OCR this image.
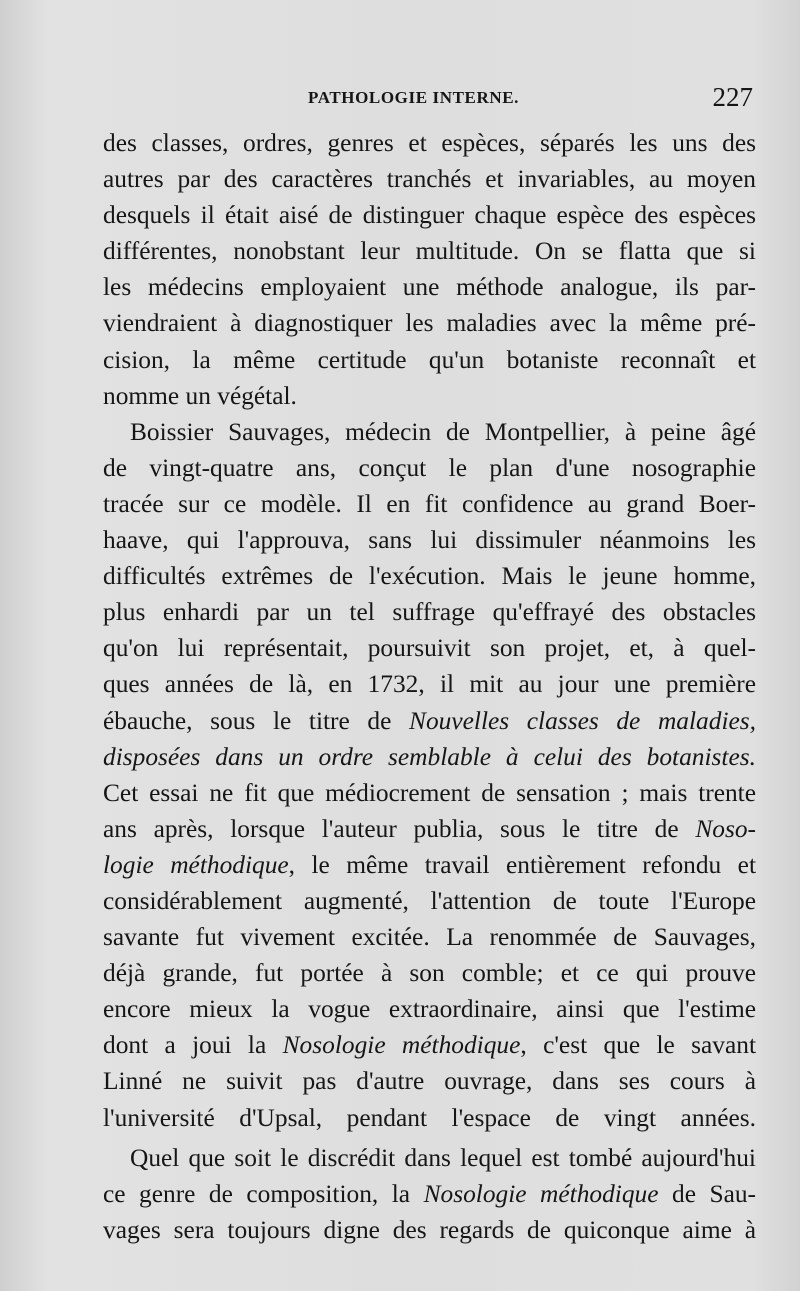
PATHOLOGIE INTERNE.	227
des classes, ordres, genres et espèces, séparés les uns des
autres par des caractères tranchés et invariables, au moyen
desquels il était aisé de distinguer chaque espèce des espèces
différentes, nonobstant leur multitude. On se flatta que si
les médecins employaient une méthode analogue, ils par-
viendraient à diagnostiquer les maladies avec la même pré-
cision, la même certitude qu'un botaniste reconnaît et
nomme un végétal.
Boissier Sauvages, médecin de Montpellier, à peine âgé
de vingt-quatre ans, conçut le plan d'une nosographie
tracée sur ce modèle. Il en fit confidence au grand Boer-
haave, qui l'approuva, sans lui dissimuler néanmoins les
difficultés extrêmes de l'exécution. Mais le jeune homme,
plus enhardi par un tel suffrage qu'effrayé des obstacles
qu'on lui représentait, poursuivit son projet, et, à quel-
ques années de là, en 1732, il mit au jour une première
ébauche, sous le titre de Nouvelles classes de maladies,
disposées dans un ordre semblable à celui des botanistes.
Cet essai ne fit que médiocrement de sensation ; mais trente
ans après, lorsque l'auteur publia, sous le titre de Noso-
logie méthodique, le même travail entièrement refondu et
considérablement augmenté, l'attention de toute l'Europe
savante fut vivement excitée. La renommée de Sauvages,
déjà grande, fut portée à son comble; et ce qui prouve
encore mieux la vogue extraordinaire, ainsi que l'estime
dont a joui la Nosologie méthodique, c'est que le savant
Linné ne suivit pas d'autre ouvrage, dans ses cours à
l'université d'Upsal, pendant l'espace de vingt années.
Quel que soit le discrédit dans lequel est tombé aujourd'hui
ce genre de composition, la Nosologie méthodique de Sau-
vages sera toujours digne des regards de quiconque aime à
